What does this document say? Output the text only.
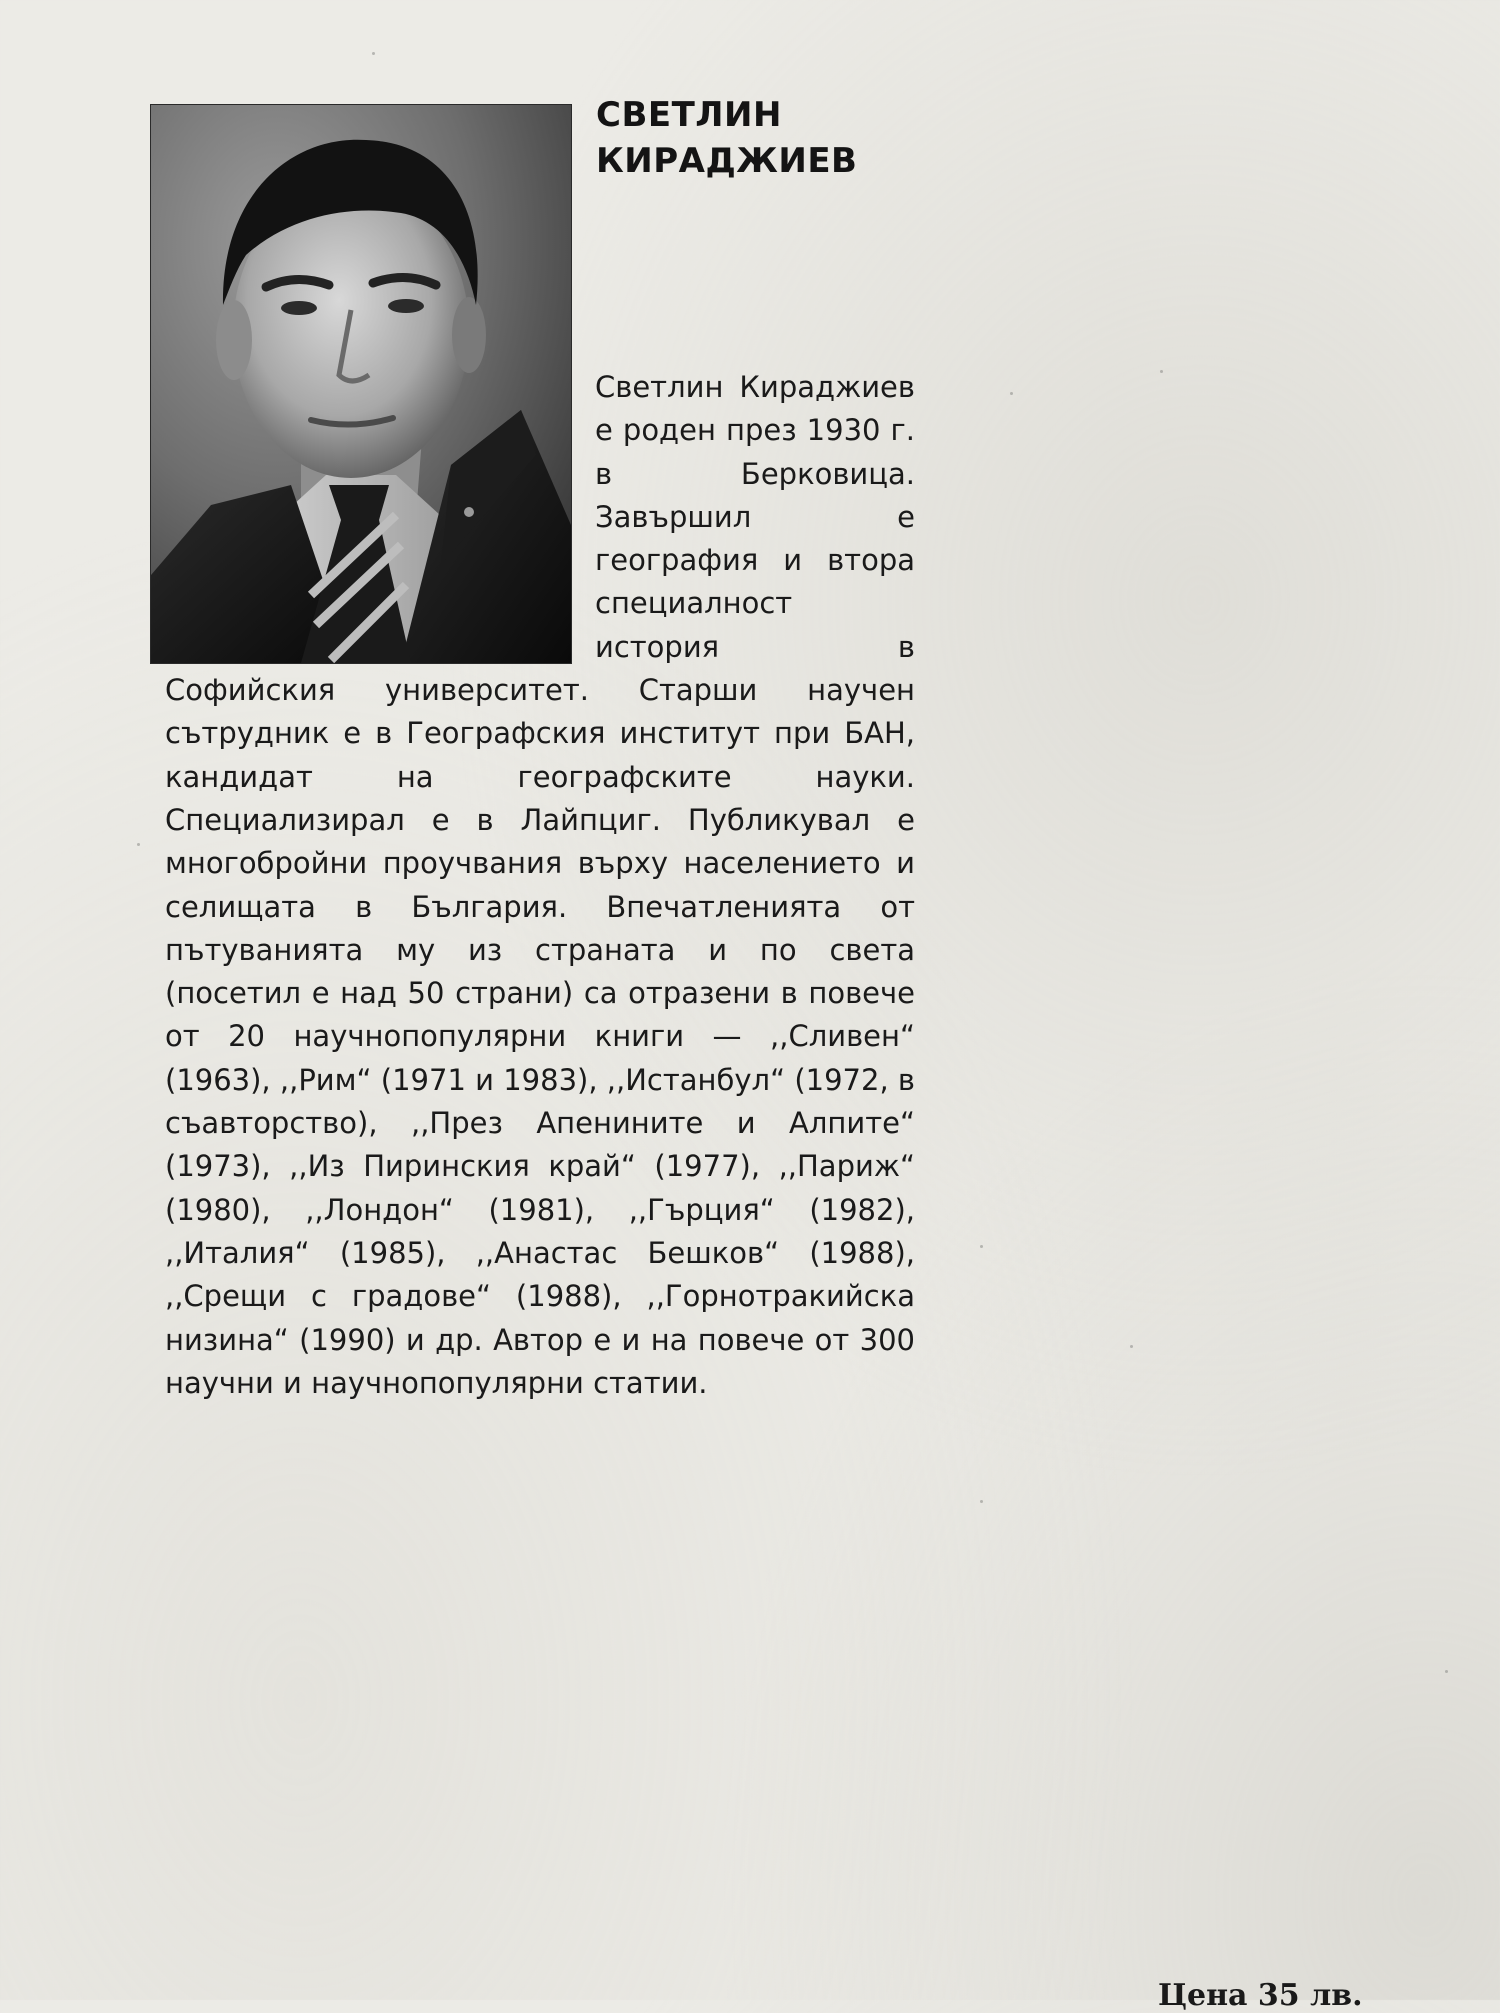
СВЕТЛИН
КИРАДЖИЕВ

Светлин Кираджиев е роден през 1930 г. в Берковица. Завършил е география и втора специалност история в Софийския университет. Старши научен сътрудник е в Географския институт при БАН, кандидат на географските науки. Специализирал е в Лайпциг. Публикувал е многобройни проучвания върху населението и селищата в България. Впечатленията от пътуванията му из страната и по света (посетил е над 50 страни) са отразени в повече от 20 научнопопулярни книги — ,,Сливен“ (1963), ,,Рим“ (1971 и 1983), ,,Истанбул“ (1972, в съавторство), ,,През Апенините и Алпите“ (1973), ,,Из Пиринския край“ (1977), ,,Париж“ (1980), ,,Лондон“ (1981), ,,Гърция“ (1982), ,,Италия“ (1985), ,,Анастас Бешков“ (1988), ,,Срещи с градове“ (1988), ,,Горнотракийска низина“ (1990) и др. Автор е и на повече от 300 научни и научнопопулярни статии.

Цена 35 лв.
